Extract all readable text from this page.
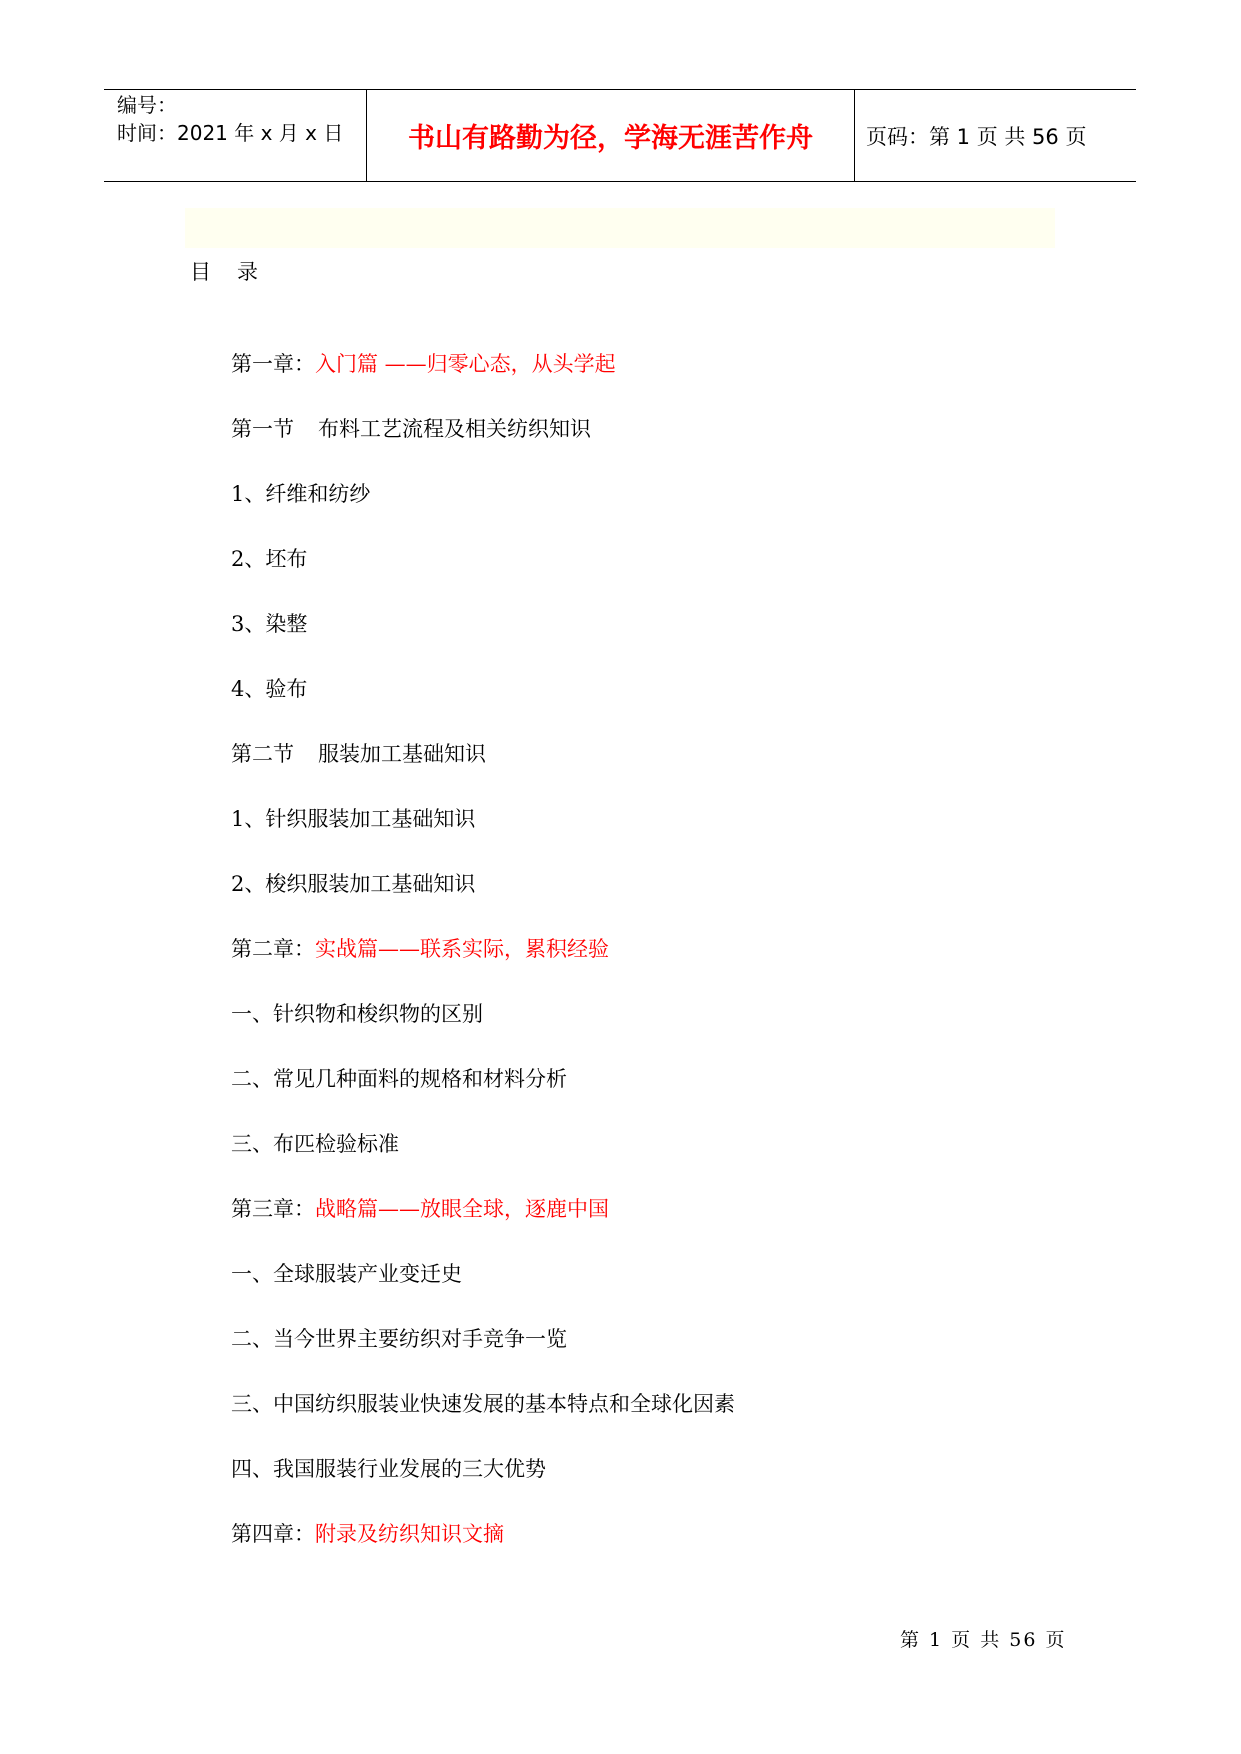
编号：
时间：2021 年 x 月 x 日	书山有路勤为径，学海无涯苦作舟	页码：第 1 页 共 56 页
目录
第一章：入门篇 ——归零心态，从头学起
第一节 布料工艺流程及相关纺织知识
1、纤维和纺纱
2、坯布
3、染整
4、验布
第二节 服装加工基础知识
1、针织服装加工基础知识
2、梭织服装加工基础知识
第二章：实战篇——联系实际，累积经验
一、针织物和梭织物的区别
二、常见几种面料的规格和材料分析
三、布匹检验标准
第三章：战略篇——放眼全球，逐鹿中国
一、全球服装产业变迁史
二、当今世界主要纺织对手竞争一览
三、中国纺织服装业快速发展的基本特点和全球化因素
四、我国服装行业发展的三大优势
第四章：附录及纺织知识文摘
第 1 页 共 56 页
